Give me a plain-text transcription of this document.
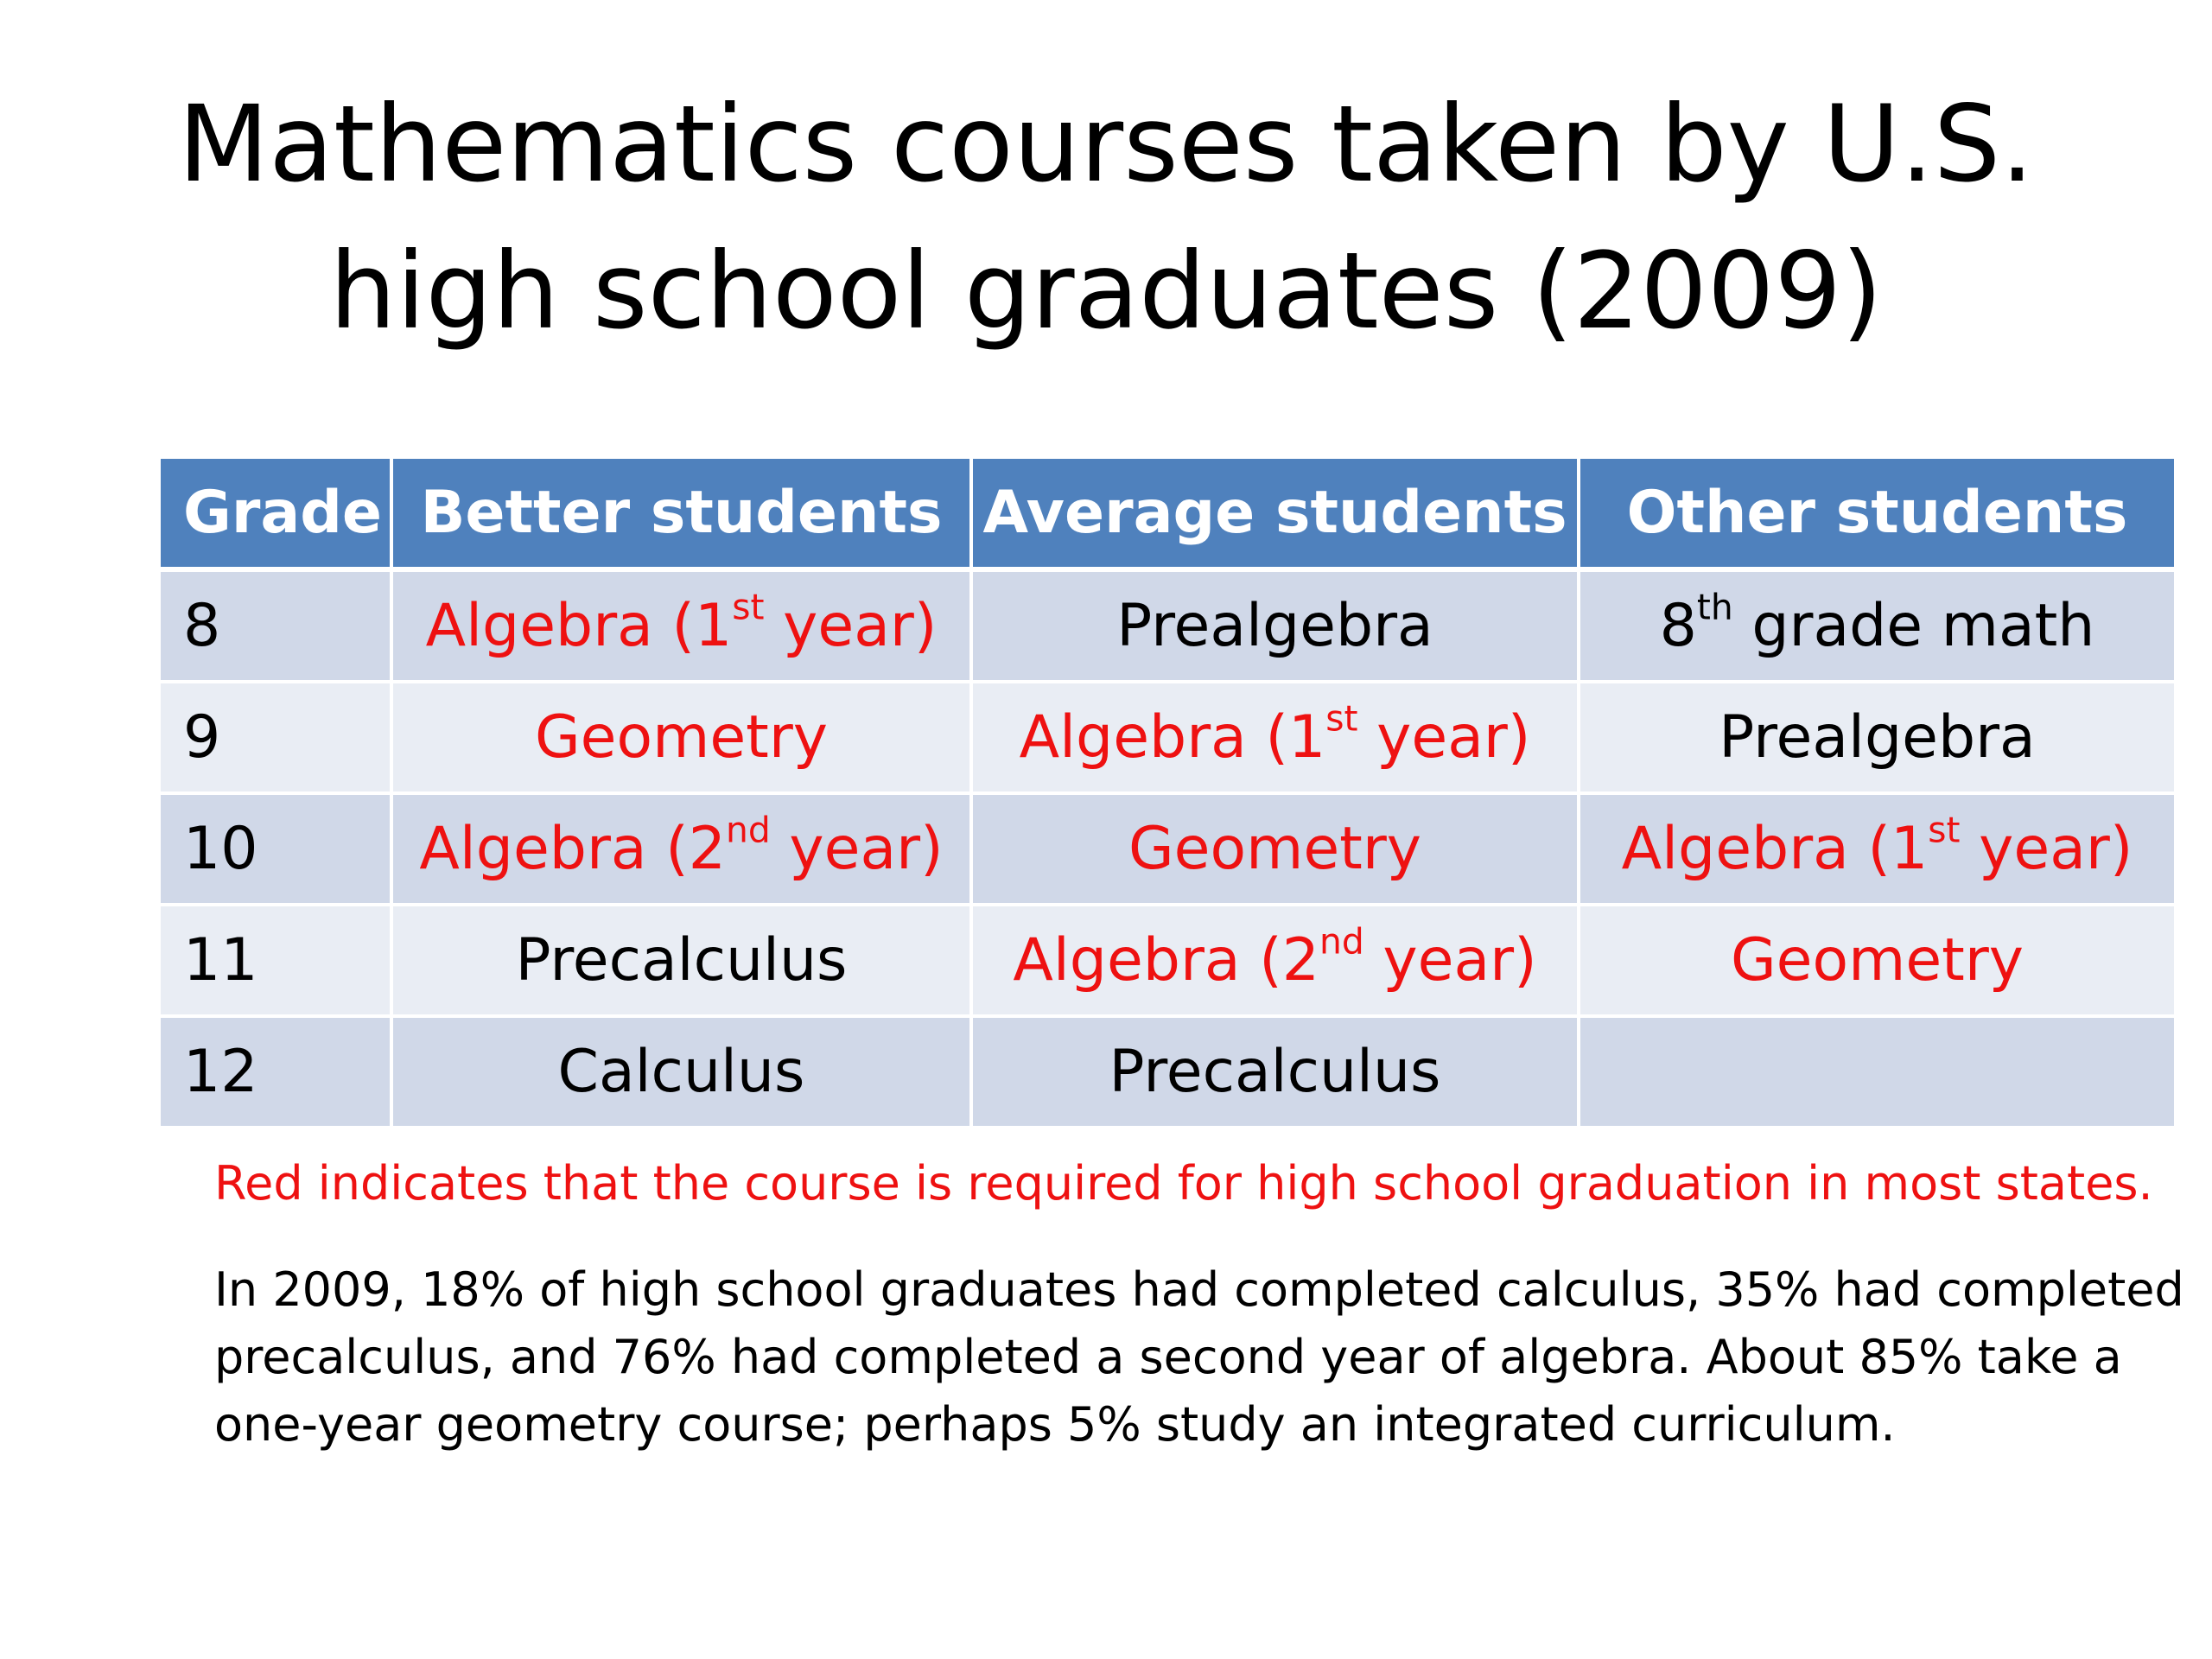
Mathematics courses taken by U.S.
high school graduates (2009)
Grade	Better students	Average students	Other students
8	Algebra (1st year)	Prealgebra	8th grade math
9	Geometry	Algebra (1st year)	Prealgebra
10	Algebra (2nd year)	Geometry	Algebra (1st year)
11	Precalculus	Algebra (2nd year)	Geometry
12	Calculus	Precalculus	
Red indicates that the course is required for high school graduation in most states.
In 2009, 18% of high school graduates had completed calculus, 35% had completed
precalculus, and 76% had completed a second year of algebra. About 85% take a
one-year geometry course; perhaps 5% study an integrated curriculum.
